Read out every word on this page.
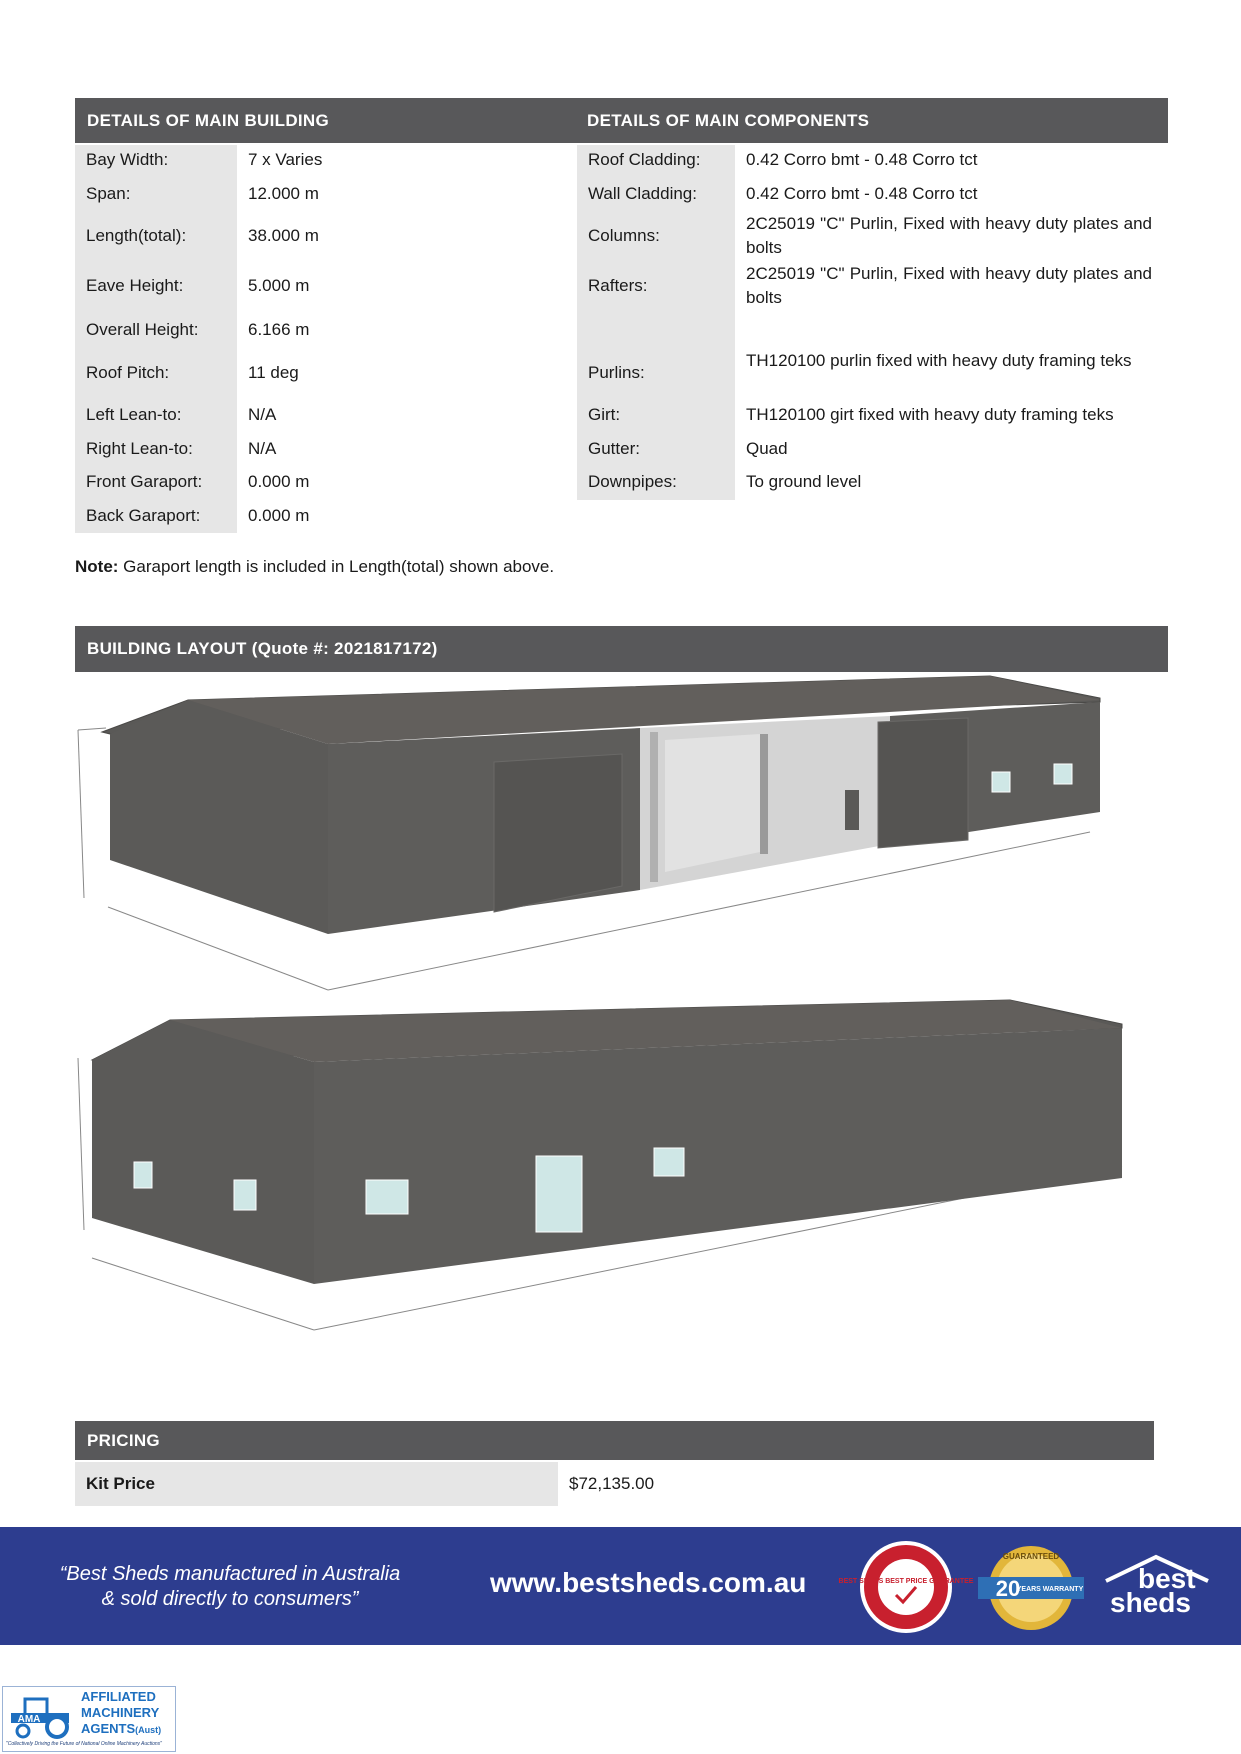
DETAILS OF MAIN BUILDING	DETAILS OF MAIN COMPONENTS
Bay Width:	7 x Varies
Span:	12.000 m
Length(total):	38.000 m
Eave Height:	5.000 m
Overall Height:	6.166 m
Roof Pitch:	11 deg
Left Lean-to:	N/A
Right Lean-to:	N/A
Front Garaport:	0.000 m
Back Garaport:	0.000 m
Roof Cladding:	0.42 Corro bmt - 0.48 Corro tct
Wall Cladding:	0.42 Corro bmt - 0.48 Corro tct
Columns:
2C25019 "C" Purlin, Fixed with heavy duty plates and bolts
Rafters:
2C25019 "C" Purlin, Fixed with heavy duty plates and bolts
Purlins:
TH120100 purlin fixed with heavy duty framing teks
Girt:	TH120100 girt fixed with heavy duty framing teks
Gutter:	Quad
Downpipes:	To ground level
Note: Garaport length is included in Length(total) shown above.
BUILDING LAYOUT (Quote #: 2021817172)
PRICING
Kit Price	$72,135.00
“Best Sheds manufactured in Australia
& sold directly to consumers”
www.bestsheds.com.au	BEST SHEDS BEST PRICE GUARANTEE
GUARANTEED
20
YEARS WARRANTY best
sheds
AMA
AFFILIATED
MACHINERY
AGENTS(Aust)
"Collectively Driving the Future of National Online Machinery Auctions"
